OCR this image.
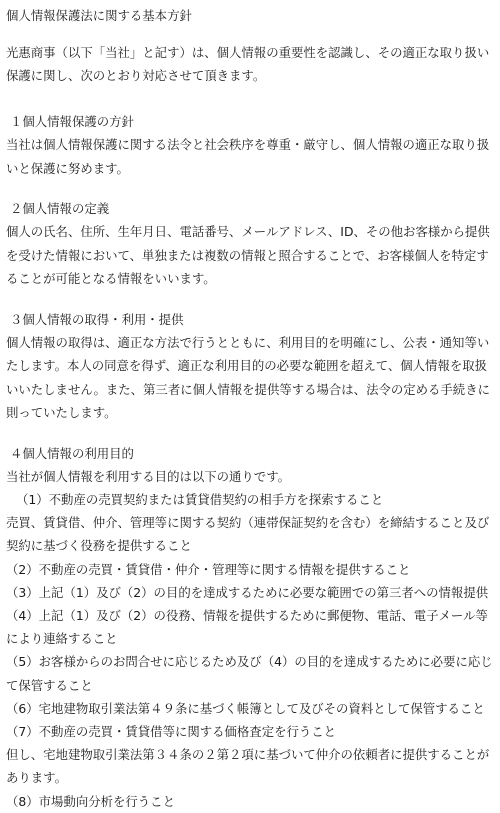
個人情報保護法に関する基本方針
光惠商事（以下「当社」と記す）は、個人情報の重要性を認識し、その適正な取り扱い保護に関し、次のとおり対応させて頂きます。
１個人情報保護の方針
当社は個人情報保護に関する法令と社会秩序を尊重・厳守し、個人情報の適正な取り扱いと保護に努めます。
２個人情報の定義
個人の氏名、住所、生年月日、電話番号、メールアドレス、ID、その他お客様から提供を受けた情報において、単独または複数の情報と照合することで、お客様個人を特定することが可能となる情報をいいます。
３個人情報の取得・利用・提供
個人情報の取得は、適正な方法で行うとともに、利用目的を明確にし、公表・通知等いたします。本人の同意を得ず、適正な利用目的の必要な範囲を超えて、個人情報を取扱いいたしません。また、第三者に個人情報を提供等する場合は、法令の定める手続きに則っていたします。
４個人情報の利用目的
当社が個人情報を利用する目的は以下の通りです。
（1）不動産の売買契約または賃貸借契約の相手方を探索すること
売買、賃貸借、仲介、管理等に関する契約（連帯保証契約を含む）を締結すること及び契約に基づく役務を提供すること
（2）不動産の売買・賃貸借・仲介・管理等に関する情報を提供すること
（3）上記（1）及び（2）の目的を達成するために必要な範囲での第三者への情報提供
（4）上記（1）及び（2）の役務、情報を提供するために郵便物、電話、電子メール等により連絡すること
（5）お客様からのお問合せに応じるため及び（4）の目的を達成するために必要に応じて保管すること
（6）宅地建物取引業法第４９条に基づく帳簿として及びその資料として保管すること
（7）不動産の売買・賃貸借等に関する価格査定を行うこと
但し、宅地建物取引業法第３４条の２第２項に基づいて仲介の依頼者に提供することがあります。
（8）市場動向分析を行うこと
